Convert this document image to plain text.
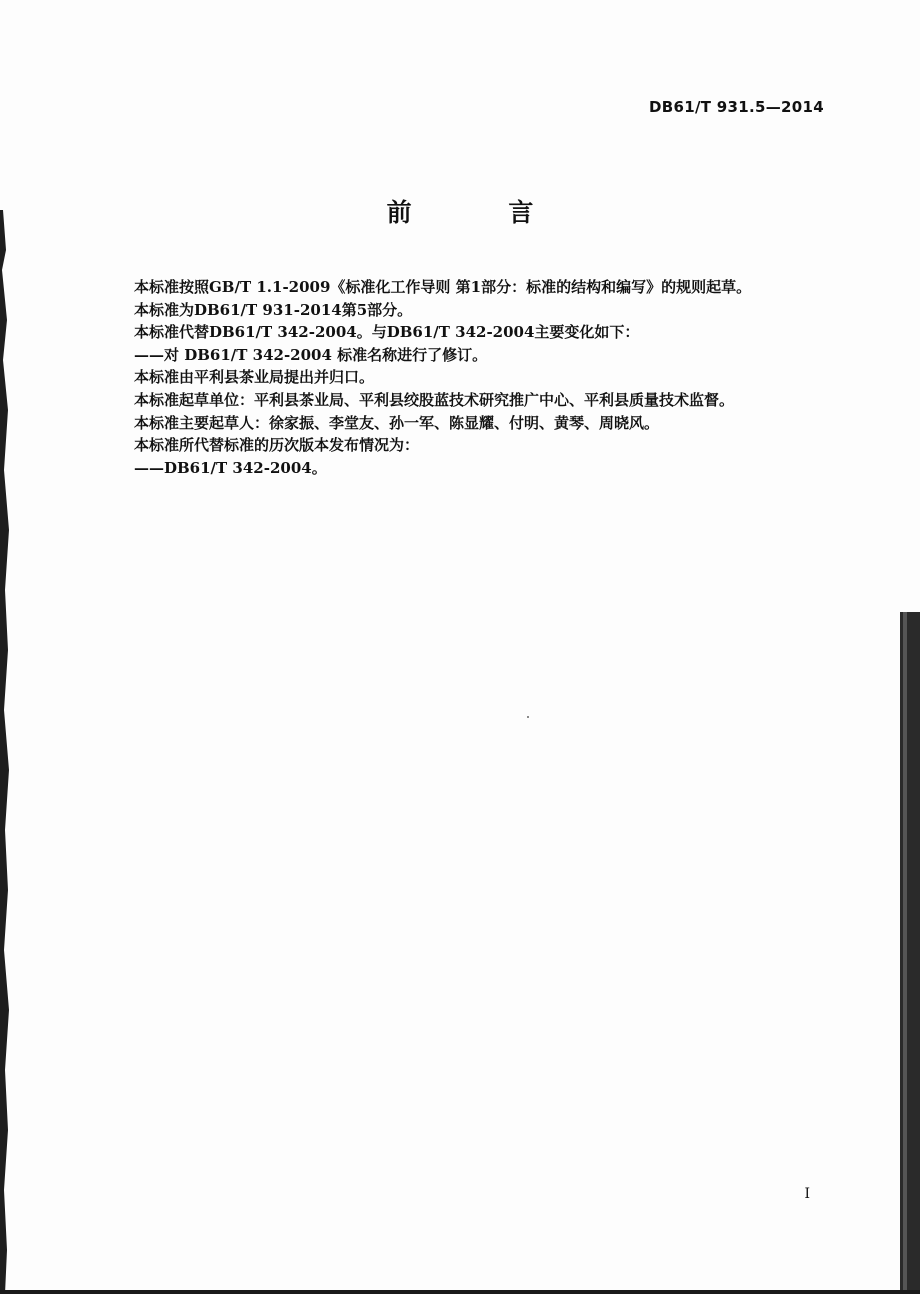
DB61/T 931.5—2014
前 言
本标准按照GB/T 1.1-2009《标准化工作导则 第1部分：标准的结构和编写》的规则起草。
本标准为DB61/T 931-2014第5部分。
本标准代替DB61/T 342-2004。与DB61/T 342-2004主要变化如下：
——对 DB61/T 342-2004 标准名称进行了修订。
本标准由平利县茶业局提出并归口。
本标准起草单位：平利县茶业局、平利县绞股蓝技术研究推广中心、平利县质量技术监督。
本标准主要起草人：徐家振、李堂友、孙一军、陈显耀、付明、黄琴、周晓风。
本标准所代替标准的历次版本发布情况为：
——DB61/T 342-2004。
I
